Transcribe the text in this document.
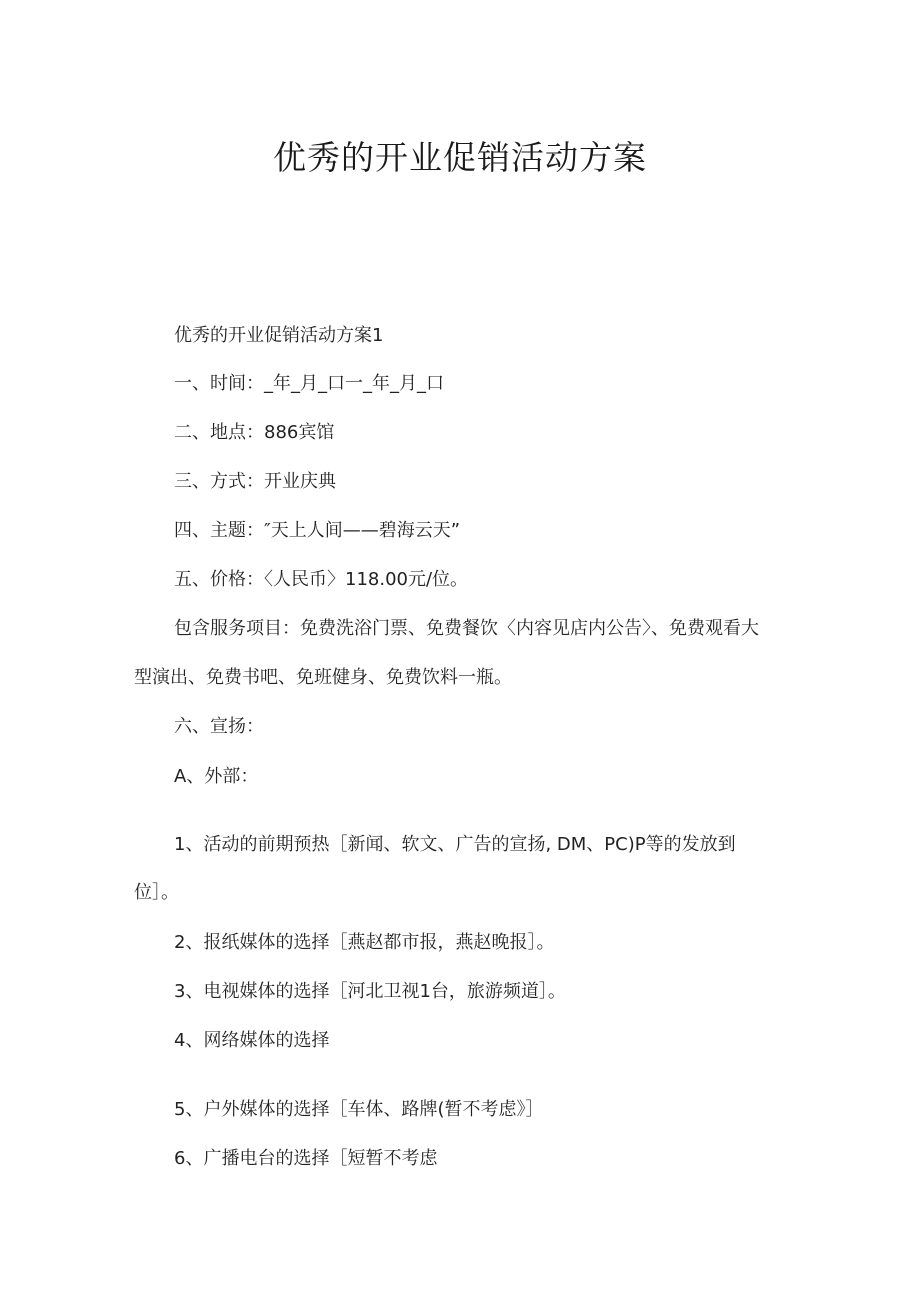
优秀的开业促销活动方案

优秀的开业促销活动方案1

一、时间：_年_月_口一_年_月_口

二、地点：886宾馆

三、方式：开业庆典

四、主题：″天上人间——碧海云天”

五、价格：〈人民币〉118.00元/位。

包含服务项目：免费洗浴门票、免费餐饮〈内容见店内公告〉、免费观看大

型演出、免费书吧、免班健身、免费饮料一瓶。

六、宣扬：

A、外部：

1、活动的前期预热［新闻、软文、广告的宣扬, DM、PC)P等的发放到

位］。

2、报纸媒体的选择［燕赵都市报，燕赵晚报］。

3、电视媒体的选择［河北卫视1台，旅游频道］。

4、网络媒体的选择

5、户外媒体的选择［车体、路牌(暂不考虑》］

6、广播电台的选择［短暂不考虑
